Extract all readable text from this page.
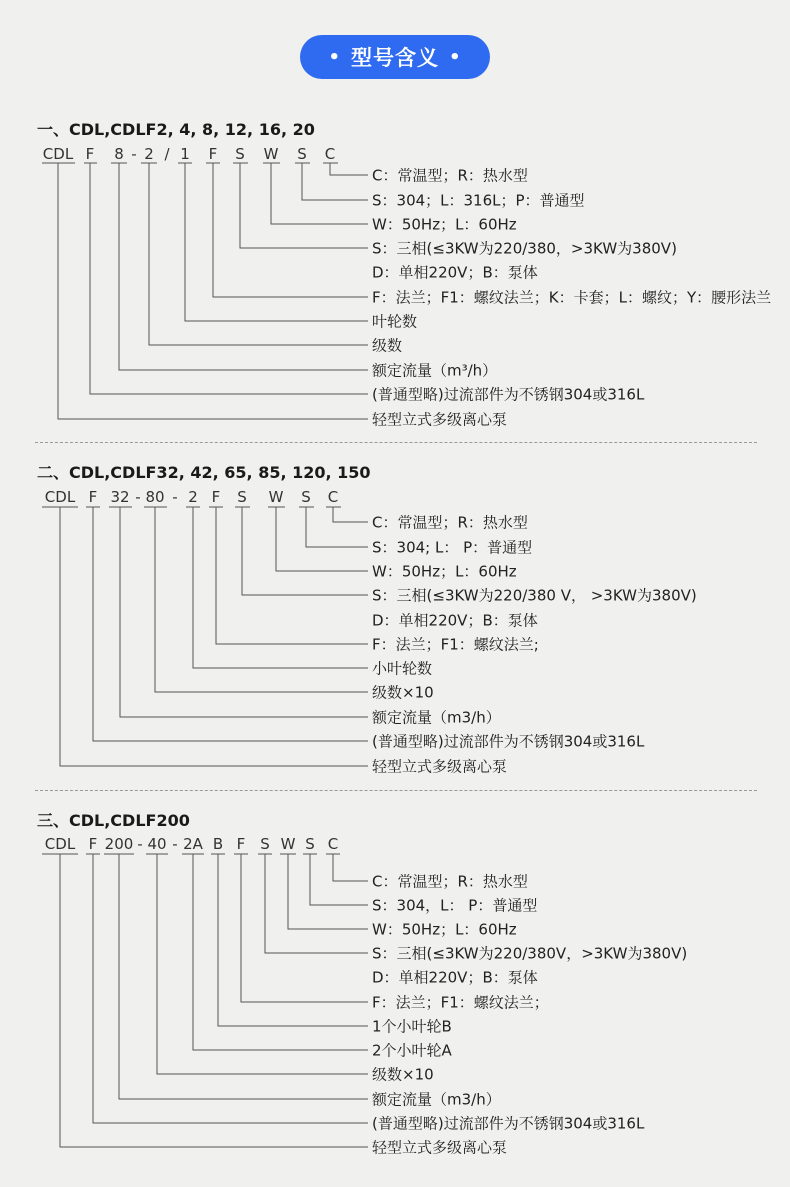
• 型号含义 •
一、CDL,CDLF2, 4, 8, 12, 16, 20
CDL F 8 - 2 / 1 F S W S C
C：常温型；R：热水型
S：304；L：316L；P：普通型
W：50Hz；L：60Hz
S：三相(≤3KW为220/380，>3KW为380V)
D：单相220V；B：泵体
F：法兰；F1：螺纹法兰；K：卡套；L：螺纹；Y：腰形法兰
叶轮数
级数
额定流量（m³/h）
(普通型略)过流部件为不锈钢304或316L
轻型立式多级离心泵
二、CDL,CDLF32, 42, 65, 85, 120, 150
CDL F 32 - 80 - 2 F S W S C
C：常温型；R：热水型
S：304; L： P：普通型
W：50Hz；L：60Hz
S：三相(≤3KW为220/380 V， >3KW为380V)
D：单相220V；B：泵体
F：法兰；F1：螺纹法兰;
小叶轮数
级数×10
额定流量（m3/h）
(普通型略)过流部件为不锈钢304或316L
轻型立式多级离心泵
三、CDL,CDLF200
CDL F 200 - 40 - 2A B F S W S C
C：常温型；R：热水型
S：304，L： P：普通型
W：50Hz；L：60Hz
S：三相(≤3KW为220/380V，>3KW为380V)
D：单相220V；B：泵体
F：法兰；F1：螺纹法兰；
1个小叶轮B
2个小叶轮A
级数×10
额定流量（m3/h）
(普通型略)过流部件为不锈钢304或316L
轻型立式多级离心泵
